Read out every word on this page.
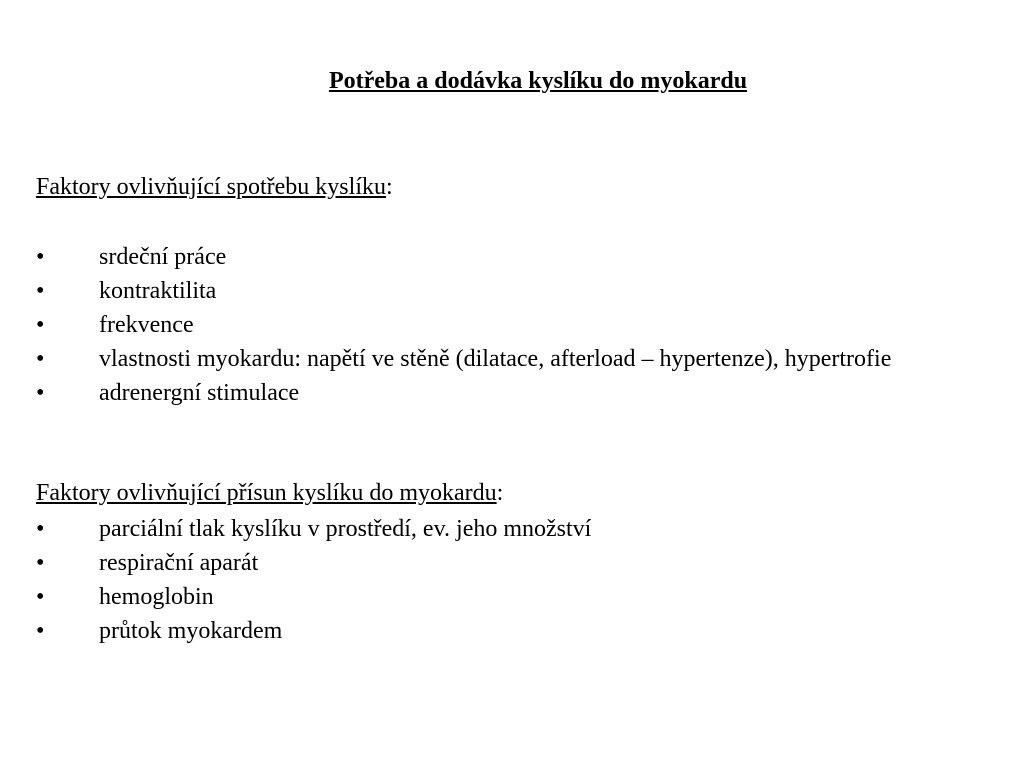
Potřeba a dodávka kyslíku do myokardu
Faktory ovlivňující spotřebu kyslíku:
•	srdeční práce
•	kontraktilita
•	frekvence
•	vlastnosti myokardu: napětí ve stěně (dilatace, afterload – hypertenze), hypertrofie
•	adrenergní stimulace
Faktory ovlivňující přísun kyslíku do myokardu:
•	parciální tlak kyslíku v prostředí, ev. jeho množství
•	respirační aparát
•	hemoglobin
•	průtok myokardem
